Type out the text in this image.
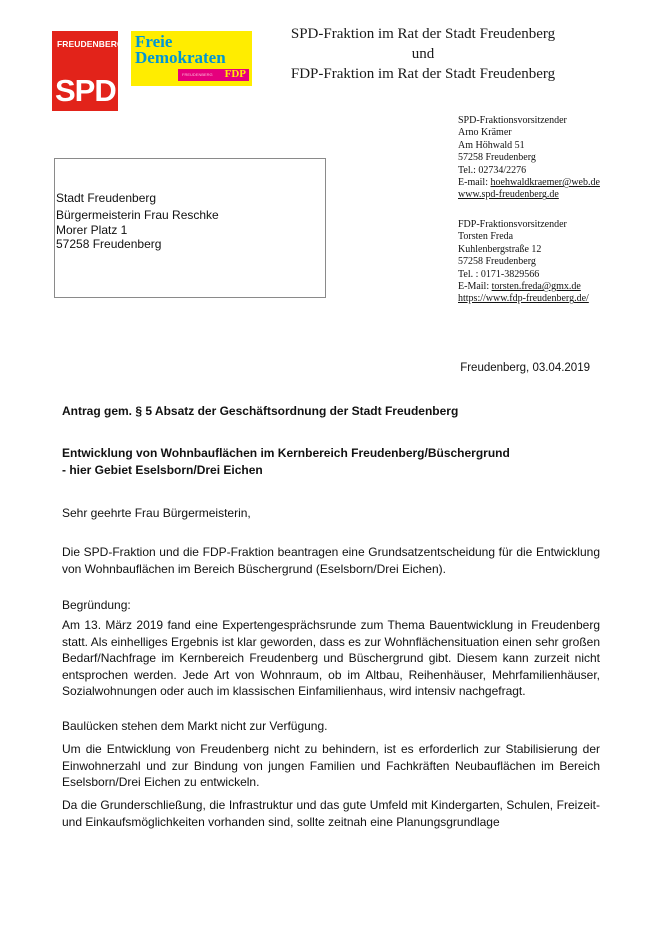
FREUDENBERG
SPD
Freie
Demokraten
FREUDENBERG FDP
SPD-Fraktion im Rat der Stadt Freudenberg
und
FDP-Fraktion im Rat der Stadt Freudenberg
SPD-Fraktionsvorsitzender
Arno Krämer
Am Höhwald 51
57258 Freudenberg
Tel.: 02734/2276
E-mail: hoehwaldkraemer@web.de
www.spd-freudenberg.de
FDP-Fraktionsvorsitzender
Torsten Freda
Kuhlenbergstraße 12
57258 Freudenberg
Tel. : 0171-3829566
E-Mail: torsten.freda@gmx.de
https://www.fdp-freudenberg.de/
Stadt Freudenberg
Bürgermeisterin Frau Reschke
Morer Platz 1
57258 Freudenberg
Freudenberg, 03.04.2019
Antrag gem. § 5 Absatz der Geschäftsordnung der Stadt Freudenberg
Entwicklung von Wohnbauflächen im Kernbereich Freudenberg/Büschergrund
- hier Gebiet Eselsborn/Drei Eichen
Sehr geehrte Frau Bürgermeisterin,
Die SPD-Fraktion und die FDP-Fraktion beantragen eine Grundsatzentscheidung für die Entwicklung von Wohnbauflächen im Bereich Büschergrund (Eselsborn/Drei Eichen).
Begründung:
Am 13. März 2019 fand eine Expertengesprächsrunde zum Thema Bauentwicklung in Freudenberg statt. Als einhelliges Ergebnis ist klar geworden, dass es zur Wohnflächensituation einen sehr großen Bedarf/Nachfrage im Kernbereich Freudenberg und Büschergrund gibt. Diesem kann zurzeit nicht entsprochen werden. Jede Art von Wohnraum, ob im Altbau, Reihenhäuser, Mehrfamilienhäuser, Sozialwohnungen oder auch im klassischen Einfamilienhaus, wird intensiv nachgefragt.
Baulücken stehen dem Markt nicht zur Verfügung.
Um die Entwicklung von Freudenberg nicht zu behindern, ist es erforderlich zur Stabilisierung der Einwohnerzahl und zur Bindung von jungen Familien und Fachkräften Neubauflächen im Bereich Eselsborn/Drei Eichen zu entwickeln.
Da die Grunderschließung, die Infrastruktur und das gute Umfeld mit Kindergarten, Schulen, Freizeit- und Einkaufsmöglichkeiten vorhanden sind, sollte zeitnah eine Planungsgrundlage
